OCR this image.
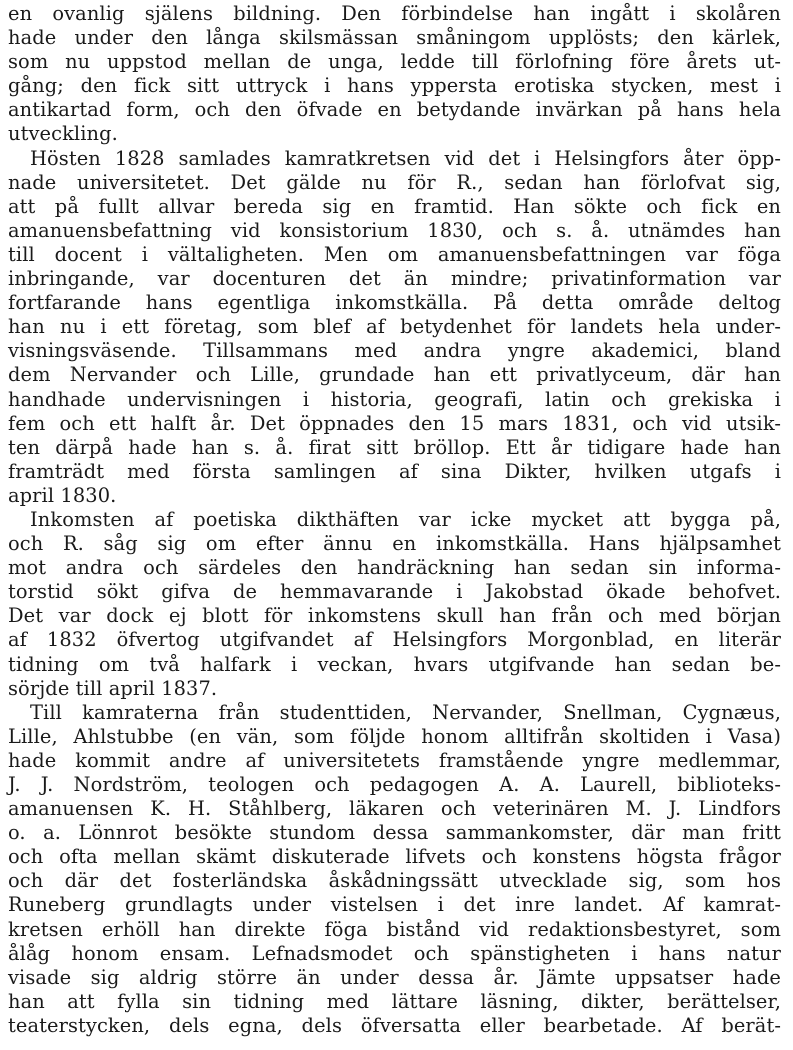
en ovanlig själens bildning. Den förbindelse han ingått i skolåren
hade under den långa skilsmässan småningom upplösts; den kärlek,
som nu uppstod mellan de unga, ledde till förlofning före årets ut-
gång; den fick sitt uttryck i hans yppersta erotiska stycken, mest i
antikartad form, och den öfvade en betydande invärkan på hans hela
utveckling.
Hösten 1828 samlades kamratkretsen vid det i Helsingfors åter öpp-
nade universitetet. Det gälde nu för R., sedan han förlofvat sig,
att på fullt allvar bereda sig en framtid. Han sökte och fick en
amanuensbefattning vid konsistorium 1830, och s. å. utnämdes han
till docent i vältaligheten. Men om amanuensbefattningen var föga
inbringande, var docenturen det än mindre; privatinformation var
fortfarande hans egentliga inkomstkälla. På detta område deltog
han nu i ett företag, som blef af betydenhet för landets hela under-
visningsväsende. Tillsammans med andra yngre akademici, bland
dem Nervander och Lille, grundade han ett privatlyceum, där han
handhade undervisningen i historia, geografi, latin och grekiska i
fem och ett halft år. Det öppnades den 15 mars 1831, och vid utsik-
ten därpå hade han s. å. firat sitt bröllop. Ett år tidigare hade han
framträdt med första samlingen af sina Dikter, hvilken utgafs i
april 1830.
Inkomsten af poetiska dikthäften var icke mycket att bygga på,
och R. såg sig om efter ännu en inkomstkälla. Hans hjälpsamhet
mot andra och särdeles den handräckning han sedan sin informa-
torstid sökt gifva de hemmavarande i Jakobstad ökade behofvet.
Det var dock ej blott för inkomstens skull han från och med början
af 1832 öfvertog utgifvandet af Helsingfors Morgonblad, en literär
tidning om två halfark i veckan, hvars utgifvande han sedan be-
sörjde till april 1837.
Till kamraterna från studenttiden, Nervander, Snellman, Cygnæus,
Lille, Ahlstubbe (en vän, som följde honom alltifrån skoltiden i Vasa)
hade kommit andre af universitetets framstående yngre medlemmar,
J. J. Nordström, teologen och pedagogen A. A. Laurell, biblioteks-
amanuensen K. H. Ståhlberg, läkaren och veterinären M. J. Lindfors
o. a. Lönnrot besökte stundom dessa sammankomster, där man fritt
och ofta mellan skämt diskuterade lifvets och konstens högsta frågor
och där det fosterländska åskådningssätt utvecklade sig, som hos
Runeberg grundlagts under vistelsen i det inre landet. Af kamrat-
kretsen erhöll han direkte föga bistånd vid redaktionsbestyret, som
ålåg honom ensam. Lefnadsmodet och spänstigheten i hans natur
visade sig aldrig större än under dessa år. Jämte uppsatser hade
han att fylla sin tidning med lättare läsning, dikter, berättelser,
teaterstycken, dels egna, dels öfversatta eller bearbetade. Af berät-
